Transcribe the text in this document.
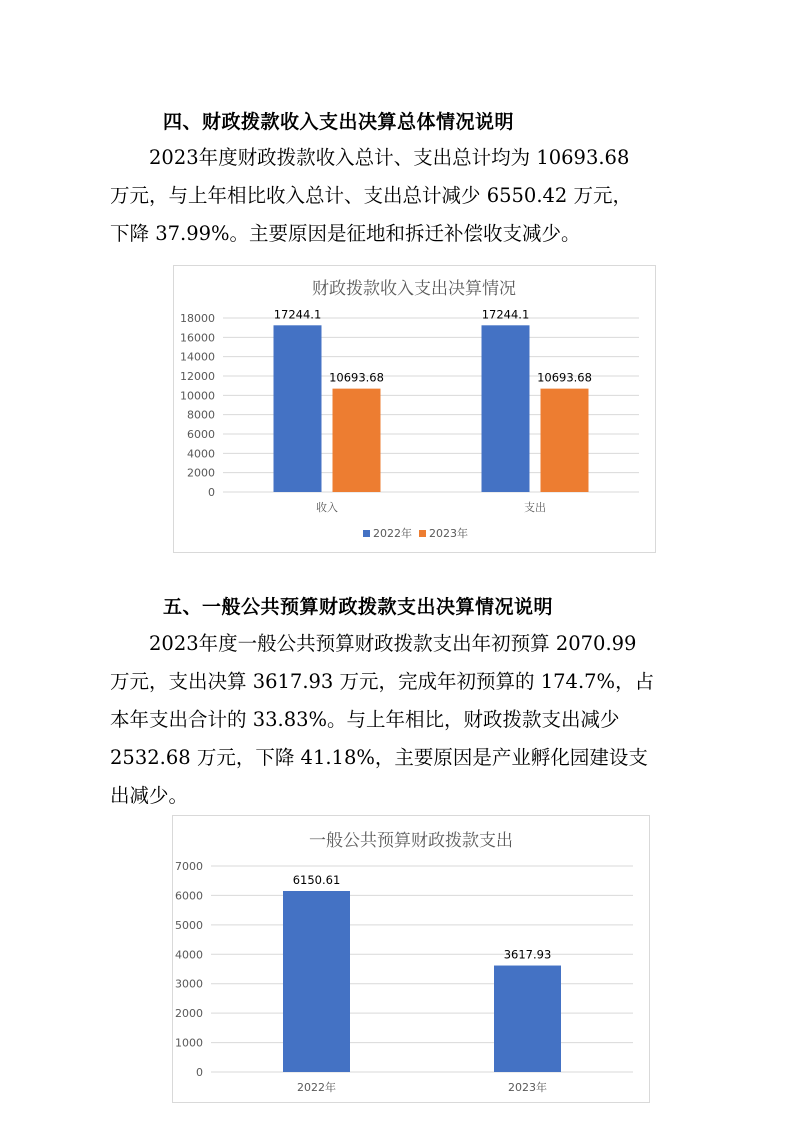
四、财政拨款收入支出决算总体情况说明
2023年度财政拨款收入总计、支出总计均为 10693.68
万元，与上年相比收入总计、支出总计减少 6550.42 万元，
下降 37.99%。主要原因是征地和拆迁补偿收支减少。
财政拨款收入支出决算情况
0
2000
4000
6000
8000
10000
12000
14000
16000
18000	17244.1
10693.68
17244.1
10693.68
收入	支出
2022年 2023年
五、一般公共预算财政拨款支出决算情况说明
2023年度一般公共预算财政拨款支出年初预算 2070.99
万元，支出决算 3617.93 万元，完成年初预算的 174.7%，占
本年支出合计的 33.83%。与上年相比，财政拨款支出减少
2532.68 万元，下降 41.18%，主要原因是产业孵化园建设支
出减少。
一般公共预算财政拨款支出
0
1000
2000
3000
4000
5000
6000
7000
6150.61
3617.93
2022年	2023年
